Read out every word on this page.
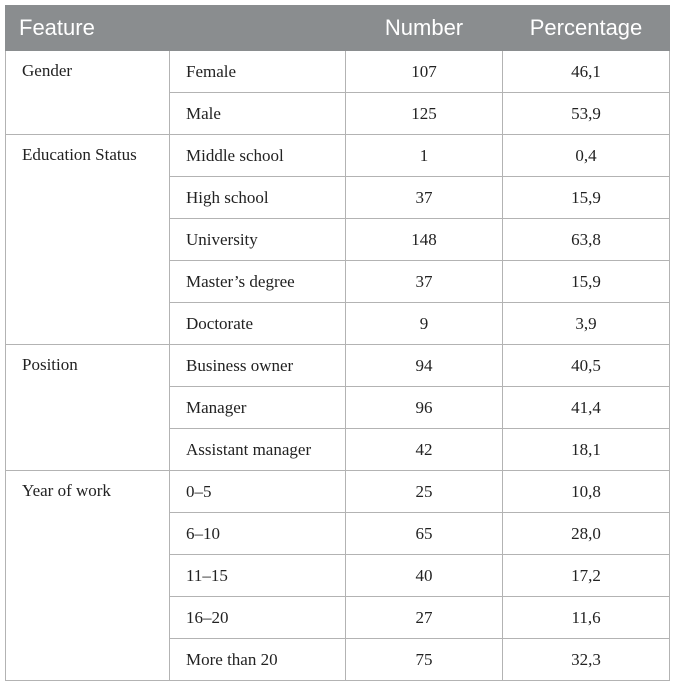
Feature		Number	Percentage
Gender	Female	107	46,1
	Male	125	53,9
Education Status	Middle school	1	0,4
	High school	37	15,9
	University	148	63,8
	Master’s degree	37	15,9
	Doctorate	9	3,9
Position	Business owner	94	40,5
	Manager	96	41,4
	Assistant manager	42	18,1
Year of work	0–5	25	10,8
	6–10	65	28,0
	11–15	40	17,2
	16–20	27	11,6
	More than 20	75	32,3
